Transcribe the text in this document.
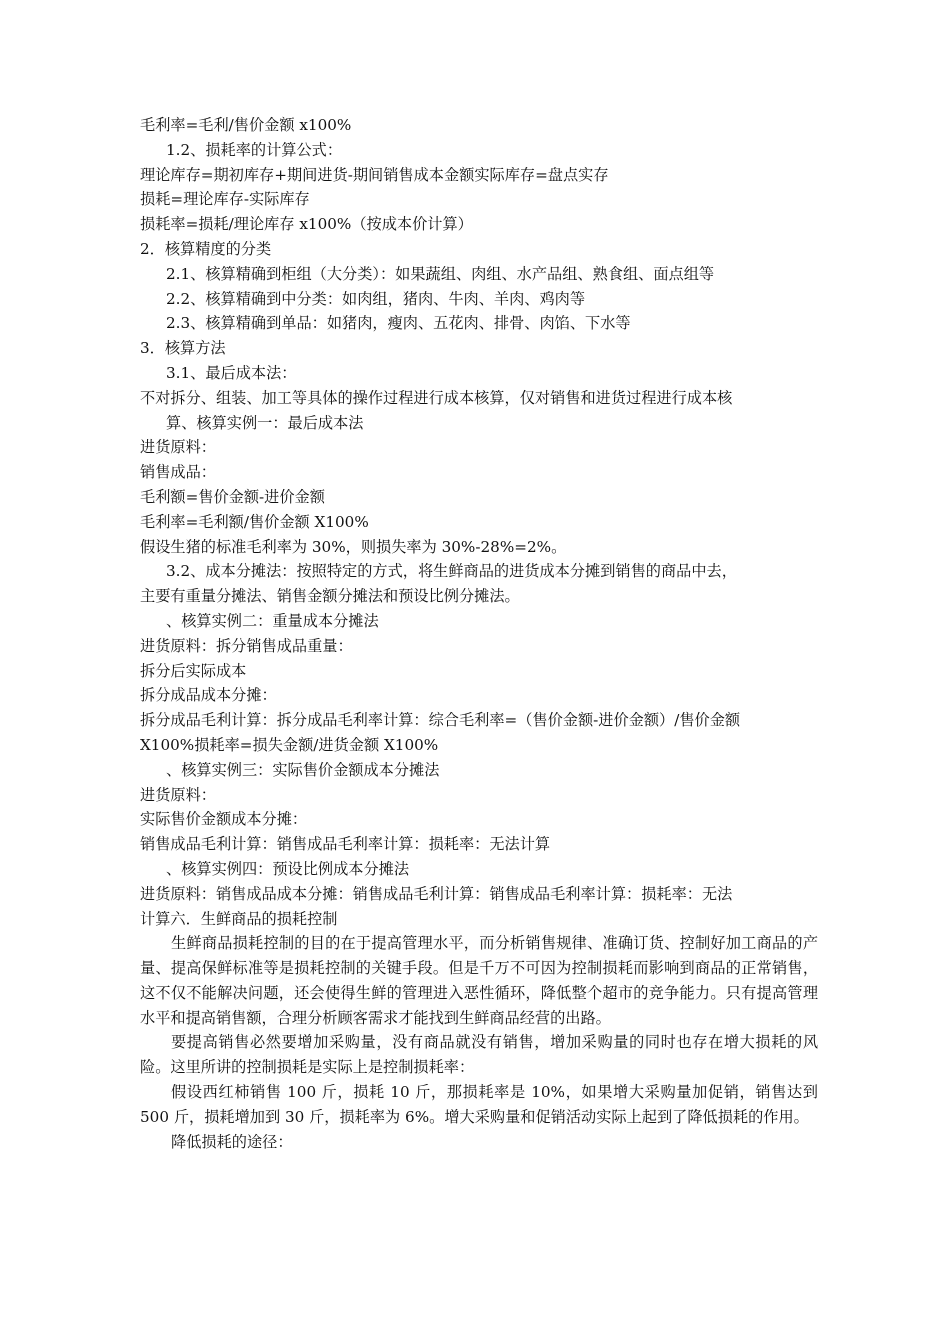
毛利率=毛利/售价金额 x100%
1.2、损耗率的计算公式：
理论库存=期初库存+期间进货-期间销售成本金额实际库存=盘点实存
损耗=理论库存-实际库存
损耗率=损耗/理论库存 x100%（按成本价计算）
2．核算精度的分类
2.1、核算精确到柜组（大分类）：如果蔬组、肉组、水产品组、熟食组、面点组等
2.2、核算精确到中分类：如肉组，猪肉、牛肉、羊肉、鸡肉等
2.3、核算精确到单品：如猪肉，瘦肉、五花肉、排骨、肉馅、下水等
3．核算方法
3.1、最后成本法：
不对拆分、组装、加工等具体的操作过程进行成本核算，仅对销售和进货过程进行成本核
算、核算实例一：最后成本法
进货原料：
销售成品：
毛利额=售价金额-进价金额
毛利率=毛利额/售价金额 X100%
假设生猪的标准毛利率为 30%，则损失率为 30%-28%=2%。
3.2、成本分摊法：按照特定的方式，将生鲜商品的进货成本分摊到销售的商品中去，
主要有重量分摊法、销售金额分摊法和预设比例分摊法。
、核算实例二：重量成本分摊法
进货原料：拆分销售成品重量：
拆分后实际成本
拆分成品成本分摊：
拆分成品毛利计算：拆分成品毛利率计算：综合毛利率=（售价金额-进价金额）/售价金额
X100%损耗率=损失金额/进货金额 X100%
、核算实例三：实际售价金额成本分摊法
进货原料：
实际售价金额成本分摊：
销售成品毛利计算：销售成品毛利率计算：损耗率：无法计算
、核算实例四：预设比例成本分摊法
进货原料：销售成品成本分摊：销售成品毛利计算：销售成品毛利率计算：损耗率：无法
计算六．生鲜商品的损耗控制

生鲜商品损耗控制的目的在于提高管理水平，而分析销售规律、准确订货、控制好加工商品的产量、提高保鲜标准等是损耗控制的关键手段。但是千万不可因为控制损耗而影响到商品的正常销售，这不仅不能解决问题，还会使得生鲜的管理进入恶性循环，降低整个超市的竞争能力。只有提高管理水平和提高销售额，合理分析顾客需求才能找到生鲜商品经营的出路。

要提高销售必然要增加采购量，没有商品就没有销售，增加采购量的同时也存在增大损耗的风险。这里所讲的控制损耗是实际上是控制损耗率：

假设西红柿销售 100 斤，损耗 10 斤，那损耗率是 10%，如果增大采购量加促销，销售达到 500 斤，损耗增加到 30 斤，损耗率为 6%。增大采购量和促销活动实际上起到了降低损耗的作用。

降低损耗的途径：
